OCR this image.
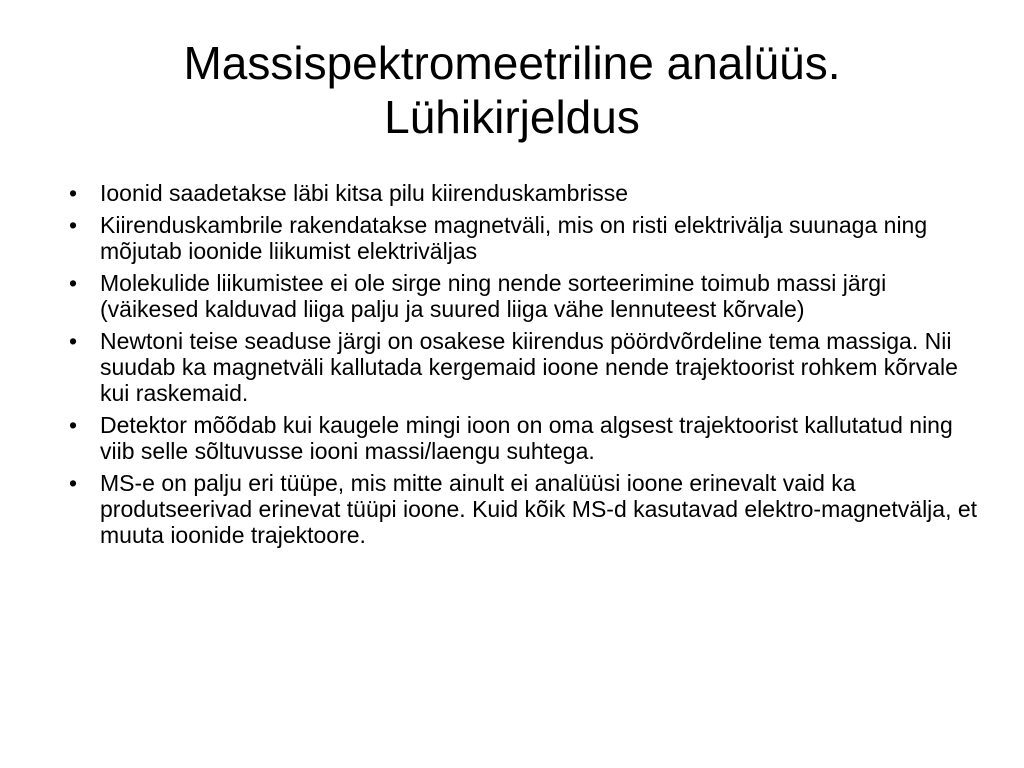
Massispektromeetriline analüüs.
Lühikirjeldus
• Ioonid saadetakse läbi kitsa pilu kiirenduskambrisse
• Kiirenduskambrile rakendatakse magnetväli, mis on risti elektrivälja suunaga ning mõjutab ioonide liikumist elektriväljas
• Molekulide liikumistee ei ole sirge ning nende sorteerimine toimub massi järgi (väikesed kalduvad liiga palju ja suured liiga vähe lennuteest kõrvale)
• Newtoni teise seaduse järgi on osakese kiirendus pöördvõrdeline tema massiga. Nii suudab ka magnetväli kallutada kergemaid ioone nende trajektoorist rohkem kõrvale kui raskemaid.
• Detektor mõõdab kui kaugele mingi ioon on oma algsest trajektoorist kallutatud ning viib selle sõltuvusse iooni massi/laengu suhtega.
• MS-e on palju eri tüüpe, mis mitte ainult ei analüüsi ioone erinevalt vaid ka produtseerivad erinevat tüüpi ioone. Kuid kõik MS-d kasutavad elektro-magnetvälja, et muuta ioonide trajektoore.
